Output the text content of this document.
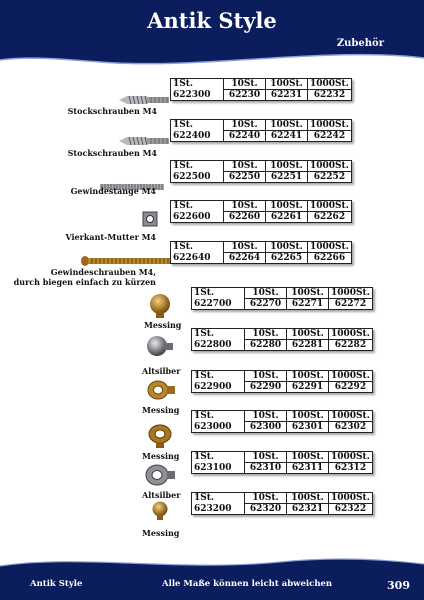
Antik Style
Zubehör
Stockschrauben M4
1St.	10St.	100St.	1000St.
622300	62230	62231	62232
Stockschrauben M4
1St.	10St.	100St.	1000St.
622400	62240	62241	62242
Gewindestange M4
1St.	10St.	100St.	1000St.
622500	62250	62251	62252
Vierkant-Mutter M4
1St.	10St.	100St.	1000St.
622600	62260	62261	62262
Gewindeschrauben M4,
durch biegen einfach zu kürzen
1St.	10St.	100St.	1000St.
622640	62264	62265	62266
Messing
1St.	10St.	100St.	1000St.
622700	62270	62271	62272
Altsilber
1St.	10St.	100St.	1000St.
622800	62280	62281	62282
Messing
1St.	10St.	100St.	1000St.
622900	62290	62291	62292
Messing
1St.	10St.	100St.	1000St.
623000	62300	62301	62302
Altsilber
1St.	10St.	100St.	1000St.
623100	62310	62311	62312
Messing
1St.	10St.	100St.	1000St.
623200	62320	62321	62322
Antik Style	Alle Maße können leicht abweichen	309
